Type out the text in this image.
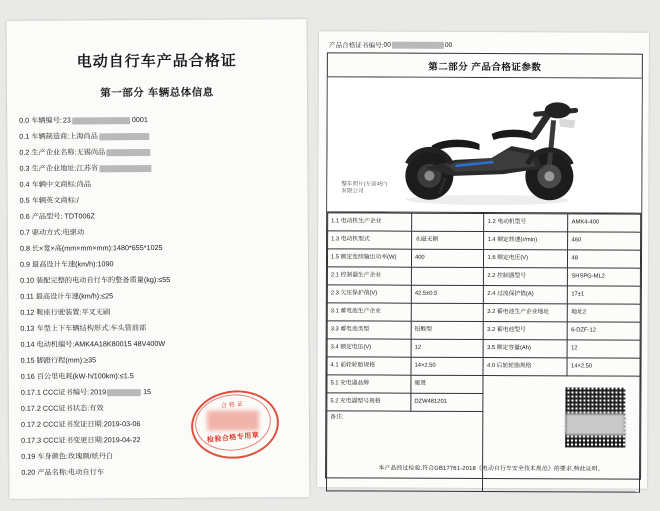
电动自行车产品合格证
第一部分 车辆总体信息
0.0 车辆编号: 23	0001
0.1 车辆制造商:上海尚品
0.2 生产企业名称:无锡尚品
0.3 生产企业地址:江苏省
0.4 车辆中文商标:尚品
0.5 车辆英文商标:/
0.6 产品型号: TDT006Z
0.7 驱动方式:电驱动
0.8 长×宽×高(mm×mm×mm):1480*655*1025
0.9 最高设计车速(km/h):1090
0.10 装配完整的电动自行车的整备质量(kg):≤55
0.11 最高设计车速(km/h):≤25
0.12 鞍座行驶装置:平叉无刷
0.13 车型上下车辆结构形式:车头管前部
0.14 电动机编号:AMK4A18K80015 48V400W
0.15 脚蹬行程(mm):≥35
0.16 百公里电耗(kW·h/100km):≤1.5
0.17.1 CCC证书编号: 2019	15
0.17.2 CCC证书状态:有效
0.17.2 CCC证书发证日期:2019-03-06
0.17.3 CCC证书变更日期:2019-04-22
0.19 车身颜色:玫瑰颜/炫丹白
0.20 产品名称:电动自行车
合格证
检验合格专用章
产品合格证书编号: 00	00
第二部分 产品合格证参数
整车照片(左前45°)
有限公司
1.1 电动机生产企业		1.2 电动机型号	AMK4-400
1.3 电动机型式	永磁无刷	1.4 额定转速(r/min)	460
1.5 额定连续输出功率(W)	400	1.6 额定电压(V)	48
2.1 控制器生产企业		2.2 控制器型号	SHSPG-ML2
2.3 欠压保护值(V)	42.5±0.5	2.4 过流保护值(A)	17±1
3.1 蓄电池生产企业		3.2 蓄电池生产企业地址	地址2
3.3 蓄电池类型	铅酸型	3.2 蓄电池型号	6-DZF-12
3.4 额定电压(V)	12	3.5 额定容量(Ah)	12
4.1 前轮轮胎规格	14×2.50	4.0 后轮轮胎规格	14×2.50
5.1 充电器品牌	聚贤		

5.2 充电器型号规格	DZW481201		
备注:			
本产品经过检验,符合GB17761-2018《电动自行车安全技术规范》的要求,特此证明。
